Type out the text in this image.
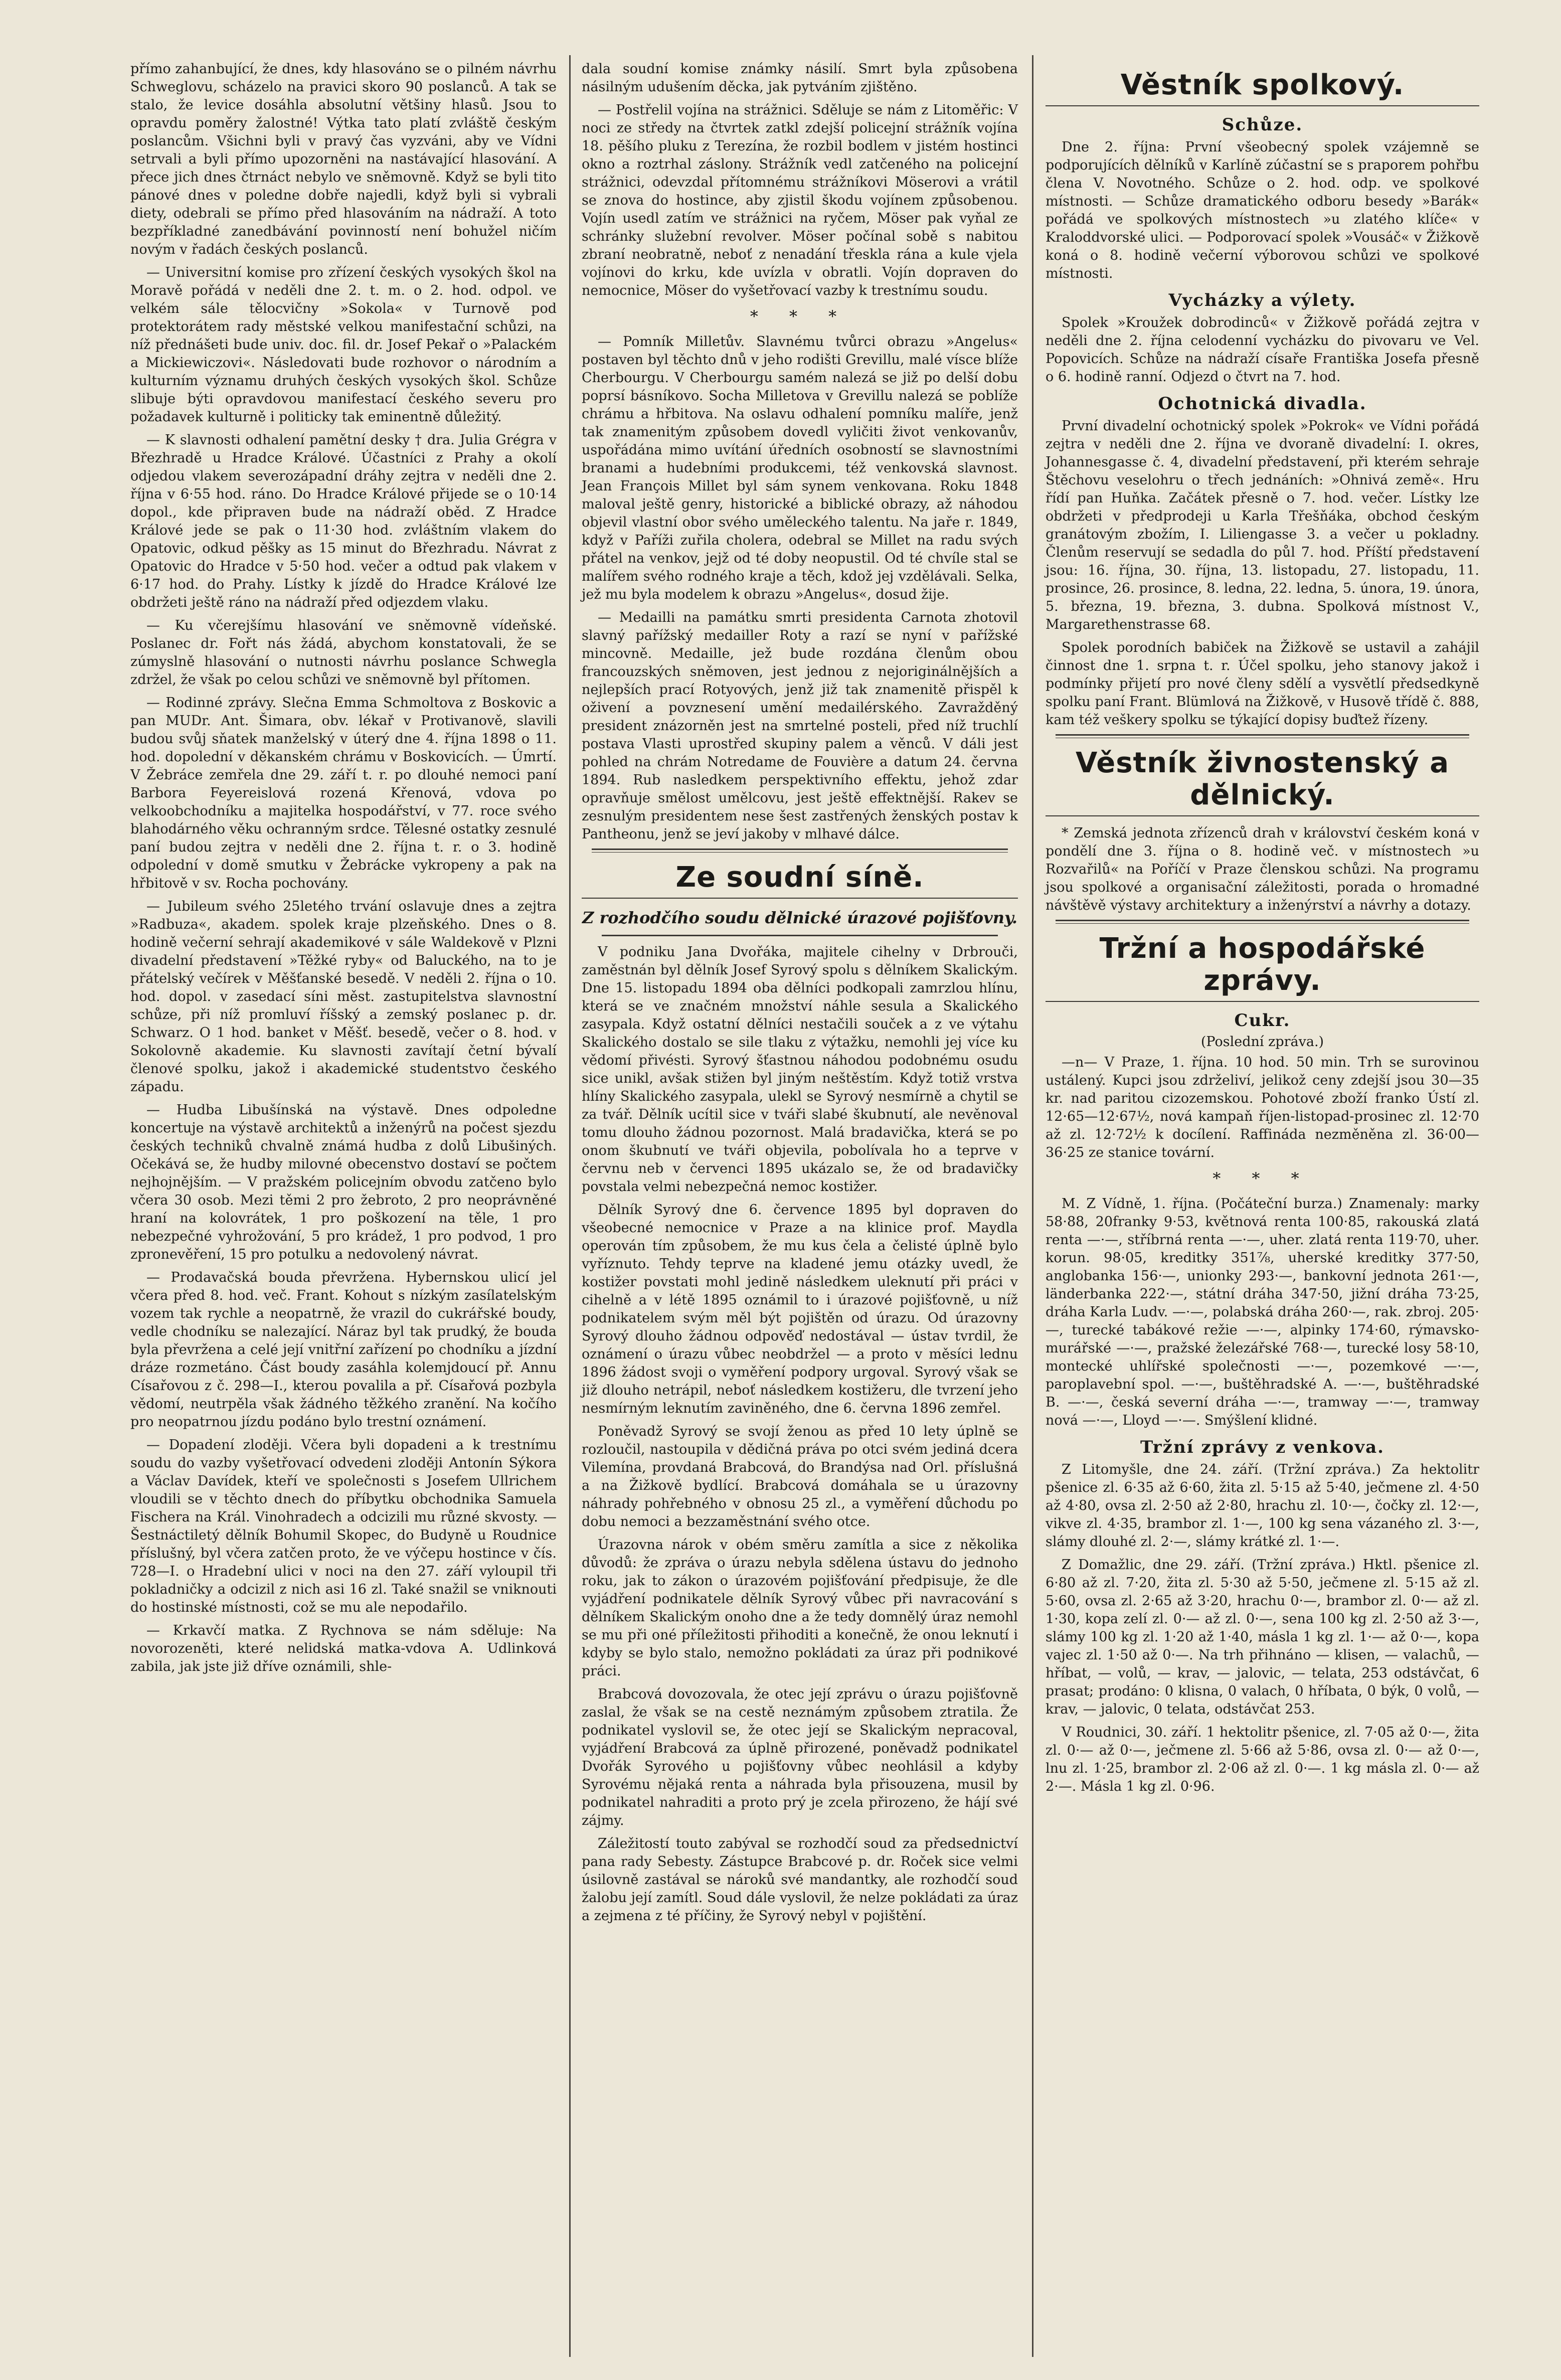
přímo zahanbující, že dnes, kdy hlasováno se o pilném návrhu Schweglovu, scházelo na pravici skoro 90 poslanců. A tak se stalo, že levice dosáhla absolutní většiny hlasů. Jsou to opravdu poměry žalostné! Výtka tato platí zvláště českým poslancům. Všichni byli v pravý čas vyzváni, aby ve Vídni setrvali a byli přímo upozorněni na nastávající hlasování. A přece jich dnes čtrnáct nebylo ve sněmovně. Když se byli tito pánové dnes v poledne dobře najedli, když byli si vybrali diety, odebrali se přímo před hlasováním na nádraží. A toto bezpříkladné zanedbávání povinností není bohužel ničím novým v řadách českých poslanců.

— Universitní komise pro zřízení českých vysokých škol na Moravě pořádá v neděli dne 2. t. m. o 2. hod. odpol. ve velkém sále tělocvičny »Sokola« v Turnově pod protektorátem rady městské velkou manifestační schůzi, na níž přednášeti bude univ. doc. fil. dr. Josef Pekař o »Palackém a Mickiewiczovi«. Následovati bude rozhovor o národním a kulturním významu druhých českých vysokých škol. Schůze slibuje býti opravdovou manifestací českého severu pro požadavek kulturně i politicky tak eminentně důležitý.

— K slavnosti odhalení pamětní desky † dra. Julia Grégra v Březhradě u Hradce Králové. Účastníci z Prahy a okolí odjedou vlakem severozápadní dráhy zejtra v neděli dne 2. října v 6·55 hod. ráno. Do Hradce Králové přijede se o 10·14 dopol., kde připraven bude na nádraží oběd. Z Hradce Králové jede se pak o 11·30 hod. zvláštním vlakem do Opatovic, odkud pěšky as 15 minut do Březhradu. Návrat z Opatovic do Hradce v 5·50 hod. večer a odtud pak vlakem v 6·17 hod. do Prahy. Lístky k jízdě do Hradce Králové lze obdržeti ještě ráno na nádraží před odjezdem vlaku.

— Ku včerejšímu hlasování ve sněmovně vídeňské. Poslanec dr. Fořt nás žádá, abychom konstatovali, že se zúmyslně hlasování o nutnosti návrhu poslance Schwegla zdržel, že však po celou schůzi ve sněmovně byl přítomen.

— Rodinné zprávy. Slečna Emma Schmoltova z Boskovic a pan MUDr. Ant. Šimara, obv. lékař v Protivanově, slavili budou svůj sňatek manželský v úterý dne 4. října 1898 o 11. hod. dopolední v děkanském chrámu v Boskovicích. — Úmrtí. V Žebráce zemřela dne 29. září t. r. po dlouhé nemoci paní Barbora Feyereislová rozená Křenová, vdova po velkoobchodníku a majitelka hospodářství, v 77. roce svého blahodárného věku ochranným srdce. Tělesné ostatky zesnulé paní budou zejtra v neděli dne 2. října t. r. o 3. hodině odpolední v domě smutku v Žebrácke vykropeny a pak na hřbitově v sv. Rocha pochovány.

— Jubileum svého 25letého trvání oslavuje dnes a zejtra »Radbuza«, akadem. spolek kraje plzeňského. Dnes o 8. hodině večerní sehrají akademikové v sále Waldekově v Plzni divadelní představení »Těžké ryby« od Baluckého, na to je přátelský večírek v Měšťanské besedě. V neděli 2. října o 10. hod. dopol. v zasedací síni měst. zastupitelstva slavnostní schůze, při níž promluví říšský a zemský poslanec p. dr. Schwarz. O 1 hod. banket v Měšť. besedě, večer o 8. hod. v Sokolovně akademie. Ku slavnosti zavítají četní bývalí členové spolku, jakož i akademické studentstvo českého západu.

— Hudba Libušínská na výstavě. Dnes odpoledne koncertuje na výstavě architektů a inženýrů na počest sjezdu českých techniků chvalně známá hudba z dolů Libušiných. Očekává se, že hudby milovné obecenstvo dostaví se počtem nejhojnějším. — V pražském policejním obvodu zatčeno bylo včera 30 osob. Mezi těmi 2 pro žebroto, 2 pro neoprávněné hraní na kolovrátek, 1 pro poškození na těle, 1 pro nebezpečné vyhrožování, 5 pro krádež, 1 pro podvod, 1 pro zpronevěření, 15 pro potulku a nedovolený návrat.

— Prodavačská bouda převržena. Hybernskou ulicí jel včera před 8. hod. več. Frant. Kohout s nízkým zasílatelským vozem tak rychle a neopatrně, že vrazil do cukrářské boudy, vedle chodníku se nalezající. Náraz byl tak prudký, že bouda byla převržena a celé její vnitřní zařízení po chodníku a jízdní dráze rozmetáno. Část boudy zasáhla kolemjdoucí př. Annu Císařovou z č. 298—I., kterou povalila a př. Císařová pozbyla vědomí, neutrpěla však žádného těžkého zranění. Na kočího pro neopatrnou jízdu podáno bylo trestní oznámení.

— Dopadení zloději. Včera byli dopadeni a k trestnímu soudu do vazby vyšetřovací odvedeni zloději Antonín Sýkora a Václav Davídek, kteří ve společnosti s Josefem Ullrichem vloudili se v těchto dnech do příbytku obchodnika Samuela Fischera na Král. Vinohradech a odcizili mu různé skvosty. — Šestnáctiletý dělník Bohumil Skopec, do Budyně u Roudnice příslušný, byl včera zatčen proto, že ve výčepu hostince v čís. 728—I. o Hradební ulici v noci na den 27. září vyloupil tři pokladničky a odcizil z nich asi 16 zl. Také snažil se vniknouti do hostinské místnosti, což se mu ale nepodařilo.

— Krkavčí matka. Z Rychnova se nám sděluje: Na novorozeněti, které nelidská matka-vdova A. Udlinková zabila, jak jste již dříve oznámili, shle-

dala soudní komise známky násilí. Smrt byla způsobena násilným udušením děcka, jak pytváním zjištěno.

— Postřelil vojína na strážnici. Sděluje se nám z Litoměřic: V noci ze středy na čtvrtek zatkl zdejší policejní strážník vojína 18. pěšího pluku z Terezína, že rozbil bodlem v jistém hostinci okno a roztrhal záslony. Strážník vedl zatčeného na policejní strážnici, odevzdal přítomnému strážníkovi Möserovi a vrátil se znova do hostince, aby zjistil škodu vojínem způsobenou. Vojín usedl zatím ve strážnici na ryčem, Möser pak vyňal ze schránky služební revolver. Möser počínal sobě s nabitou zbraní neobratně, neboť z nenadání třeskla rána a kule vjela vojínovi do krku, kde uvízla v obratli. Vojín dopraven do nemocnice, Möser do vyšetřovací vazby k trestnímu soudu.

* * *

— Pomník Milletův. Slavnému tvůrci obrazu »Angelus« postaven byl těchto dnů v jeho rodišti Grevillu, malé vísce blíže Cherbourgu. V Cherbourgu samém nalezá se již po delší dobu poprsí básníkovo. Socha Milletova v Grevillu nalezá se poblíže chrámu a hřbitova. Na oslavu odhalení pomníku malíře, jenž tak znamenitým způsobem dovedl vyličiti život venkovanův, uspořádána mimo uvítání úředních osobností se slavnostními branami a hudebními produkcemi, též venkovská slavnost. Jean François Millet byl sám synem venkovana. Roku 1848 maloval ještě genry, historické a biblické obrazy, až náhodou objevil vlastní obor svého uměleckého talentu. Na jaře r. 1849, když v Paříži zuřila cholera, odebral se Millet na radu svých přátel na venkov, jejž od té doby neopustil. Od té chvíle stal se malířem svého rodného kraje a těch, kdož jej vzdělávali. Selka, jež mu byla modelem k obrazu »Angelus«, dosud žije.

— Medailli na památku smrti presidenta Carnota zhotovil slavný pařížský medailler Roty a razí se nyní v pařížské mincovně. Medaille, jež bude rozdána členům obou francouzských sněmoven, jest jednou z nejoriginálnějších a nejlepších prací Rotyových, jenž již tak znamenitě přispěl k oživení a povznesení umění medailérského. Zavražděný president znázorněn jest na smrtelné posteli, před níž truchlí postava Vlasti uprostřed skupiny palem a věnců. V dáli jest pohled na chrám Notredame de Fouvière a datum 24. června 1894. Rub nasledkem perspektivního effektu, jehož zdar opravňuje smělost umělcovu, jest ještě effektnější. Rakev se zesnulým presidentem nese šest zastřených ženských postav k Pantheonu, jenž se jeví jakoby v mlhavé dálce.

Ze soudní síně.
Z rozhodčího soudu dělnické úrazové pojišťovny.

V podniku Jana Dvořáka, majitele cihelny v Drbrouči, zaměstnán byl dělník Josef Syrový spolu s dělníkem Skalickým. Dne 15. listopadu 1894 oba dělníci podkopali zamrzlou hlínu, která se ve značném množství náhle sesula a Skalického zasypala. Když ostatní dělníci nestačili souček a z ve výtahu Skalického dostalo se sile tlaku z výtažku, nemohli jej více ku vědomí přivésti. Syrový šťastnou náhodou podobnému osudu sice unikl, avšak stižen byl jiným neštěstím. Když totiž vrstva hlíny Skalického zasypala, ulekl se Syrový nesmírně a chytil se za tvář. Dělník ucítil sice v tváři slabé škubnutí, ale nevěnoval tomu dlouho žádnou pozornost. Malá bradavička, která se po onom škubnutí ve tváři objevila, pobolívala ho a teprve v červnu neb v červenci 1895 ukázalo se, že od bradavičky povstala velmi nebezpečná nemoc kostižer.

Dělník Syrový dne 6. července 1895 byl dopraven do všeobecné nemocnice v Praze a na klinice prof. Maydla operován tím způsobem, že mu kus čela a čelisté úplně bylo vyříznuto. Tehdy teprve na kladené jemu otázky uvedl, že kostižer povstati mohl jedině následkem uleknutí při práci v cihelně a v létě 1895 oznámil to i úrazové pojišťovně, u níž podnikatelem svým měl být pojištěn od úrazu. Od úrazovny Syrový dlouho žádnou odpověď nedostával — ústav tvrdil, že oznámení o úrazu vůbec neobdržel — a proto v měsíci lednu 1896 žádost svoji o vyměření podpory urgoval. Syrový však se již dlouho netrápil, neboť následkem kostižeru, dle tvrzení jeho nesmírným leknutím zaviněného, dne 6. června 1896 zemřel.

Poněvadž Syrový se svojí ženou as před 10 lety úplně se rozloučil, nastoupila v dědičná práva po otci svém jediná dcera Vilemína, provdaná Brabcová, do Brandýsa nad Orl. příslušná a na Žižkově bydlící. Brabcová domáhala se u úrazovny náhrady pohřebného v obnosu 25 zl., a vyměření důchodu po dobu nemoci a bezzaměstnání svého otce.

Úrazovna nárok v obém směru zamítla a sice z několika důvodů: že zpráva o úrazu nebyla sdělena ústavu do jednoho roku, jak to zákon o úrazovém pojišťování předpisuje, že dle vyjádření podnikatele dělník Syrový vůbec při navracování s dělníkem Skalickým onoho dne a že tedy domnělý úraz nemohl se mu při oné příležitosti přihoditi a konečně, že onou leknutí i kdyby se bylo stalo, nemožno pokládati za úraz při podnikové práci.

Brabcová dovozovala, že otec její zprávu o úrazu pojišťovně zaslal, že však se na cestě neznámým způsobem ztratila. Že podnikatel vyslovil se, že otec její se Skalickým nepracoval, vyjádření Brabcová za úplně přirozené, poněvadž podnikatel Dvořák Syrového u pojišťovny vůbec neohlásil a kdyby Syrovému nějaká renta a náhrada byla přisouzena, musil by podnikatel nahraditi a proto prý je zcela přirozeno, že hájí své zájmy.

Záležitostí touto zabýval se rozhodčí soud za předsednictví pana rady Sebesty. Zástupce Brabcové p. dr. Roček sice velmi úsilovně zastával se nároků své mandantky, ale rozhodčí soud žalobu její zamítl. Soud dále vyslovil, že nelze pokládati za úraz a zejmena z té příčiny, že Syrový nebyl v pojištění.

Věstník spolkový.
Schůze.

Dne 2. října: První všeobecný spolek vzájemně se podporujících dělníků v Karlíně zúčastní se s praporem pohřbu člena V. Novotného. Schůze o 2. hod. odp. ve spolkové místnosti. — Schůze dramatického odboru besedy »Barák« pořádá ve spolkových místnostech »u zlatého klíče« v Kraloddvorské ulici. — Podporovací spolek »Vousáč« v Žižkově koná o 8. hodině večerní výborovou schůzi ve spolkové místnosti.

Vycházky a výlety.

Spolek »Kroužek dobrodinců« v Žižkově pořádá zejtra v neděli dne 2. října celodenní vycházku do pivovaru ve Vel. Popovicích. Schůze na nádraží císaře Františka Josefa přesně o 6. hodině ranní. Odjezd o čtvrt na 7. hod.

Ochotnická divadla.

První divadelní ochotnický spolek »Pokrok« ve Vídni pořádá zejtra v neděli dne 2. října ve dvoraně divadelní: I. okres, Johannesgasse č. 4, divadelní představení, při kterém sehraje Štěchovu veselohru o třech jednáních: »Ohnivá země«. Hru řídí pan Huňka. Začátek přesně o 7. hod. večer. Lístky lze obdržeti v předprodeji u Karla Třešňáka, obchod českým granátovým zbožím, I. Liliengasse 3. a večer u pokladny. Členům reservují se sedadla do půl 7. hod. Příští představení jsou: 16. října, 30. října, 13. listopadu, 27. listopadu, 11. prosince, 26. prosince, 8. ledna, 22. ledna, 5. února, 19. února, 5. března, 19. března, 3. dubna. Spolková místnost V., Margarethenstrasse 68.

Spolek porodních babiček na Žižkově se ustavil a zahájil činnost dne 1. srpna t. r. Účel spolku, jeho stanovy jakož i podmínky přijetí pro nové členy sdělí a vysvětlí předsedkyně spolku paní Frant. Blümlová na Žižkově, v Husově třídě č. 888, kam též veškery spolku se týkající dopisy buďtež řízeny.

Věstník živnostenský a dělnický.

* Zemská jednota zřízenců drah v království českém koná v pondělí dne 3. října o 8. hodině več. v místnostech »u Rozvařilů« na Poříčí v Praze členskou schůzi. Na programu jsou spolkové a organisační záležitosti, porada o hromadné návštěvě výstavy architektury a inženýrství a návrhy a dotazy.

Tržní a hospodářské zprávy.
Cukr.
(Poslední zpráva.)

—n— V Praze, 1. října. 10 hod. 50 min. Trh se surovinou ustálený. Kupci jsou zdrželiví, jelikož ceny zdejší jsou 30—35 kr. nad paritou cizozemskou. Pohotové zboží franko Ústí zl. 12·65—12·67½, nová kampaň říjen-listopad-prosinec zl. 12·70 až zl. 12·72½ k docílení. Raffináda nezměněna zl. 36·00—36·25 ze stanice tovární.

* * *

M. Z Vídně, 1. října. (Počáteční burza.) Znamenaly: marky 58·88, 20franky 9·53, květnová renta 100·85, rakouská zlatá renta —·—, stříbrná renta —·—, uher. zlatá renta 119·70, uher. korun. 98·05, kreditky 351⅞, uherské kreditky 377·50, anglobanka 156·—, unionky 293·—, bankovní jednota 261·—, länderbanka 222·—, státní dráha 347·50, jižní dráha 73·25, dráha Karla Ludv. —·—, polabská dráha 260·—, rak. zbroj. 205·—, turecké tabákové režie —·—, alpinky 174·60, rýmavsko-murářské —·—, pražské železářské 768·—, turecké losy 58·10, montecké uhlířské společnosti —·—, pozemkové —·—, paroplavební spol. —·—, buštěhradské A. —·—, buštěhradské B. —·—, česká severní dráha —·—, tramway —·—, tramway nová —·—, Lloyd —·—. Smýšlení klidné.

Tržní zprávy z venkova.

Z Litomyšle, dne 24. září. (Tržní zpráva.) Za hektolitr pšenice zl. 6·35 až 6·60, žita zl. 5·15 až 5·40, ječmene zl. 4·50 až 4·80, ovsa zl. 2·50 až 2·80, hrachu zl. 10·—, čočky zl. 12·—, vikve zl. 4·35, brambor zl. 1·—, 100 kg sena vázaného zl. 3·—, slámy dlouhé zl. 2·—, slámy krátké zl. 1·—.

Z Domažlic, dne 29. září. (Tržní zpráva.) Hktl. pšenice zl. 6·80 až zl. 7·20, žita zl. 5·30 až 5·50, ječmene zl. 5·15 až zl. 5·60, ovsa zl. 2·65 až 3·20, hrachu 0·—, brambor zl. 0·— až zl. 1·30, kopa zelí zl. 0·— až zl. 0·—, sena 100 kg zl. 2·50 až 3·—, slámy 100 kg zl. 1·20 až 1·40, másla 1 kg zl. 1·— až 0·—, kopa vajec zl. 1·50 až 0·—. Na trh přihnáno — klisen, — valachů, — hříbat, — volů, — krav, — jalovic, — telata, 253 odstávčat, 6 prasat; prodáno: 0 klisna, 0 valach, 0 hříbata, 0 býk, 0 volů, — krav, — jalovic, 0 telata, odstávčat 253.

V Roudnici, 30. září. 1 hektolitr pšenice, zl. 7·05 až 0·—, žita zl. 0·— až 0·—, ječmene zl. 5·66 až 5·86, ovsa zl. 0·— až 0·—, lnu zl. 1·25, brambor zl. 2·06 až zl. 0·—. 1 kg másla zl. 0·— až 2·—. Másla 1 kg zl. 0·96.
